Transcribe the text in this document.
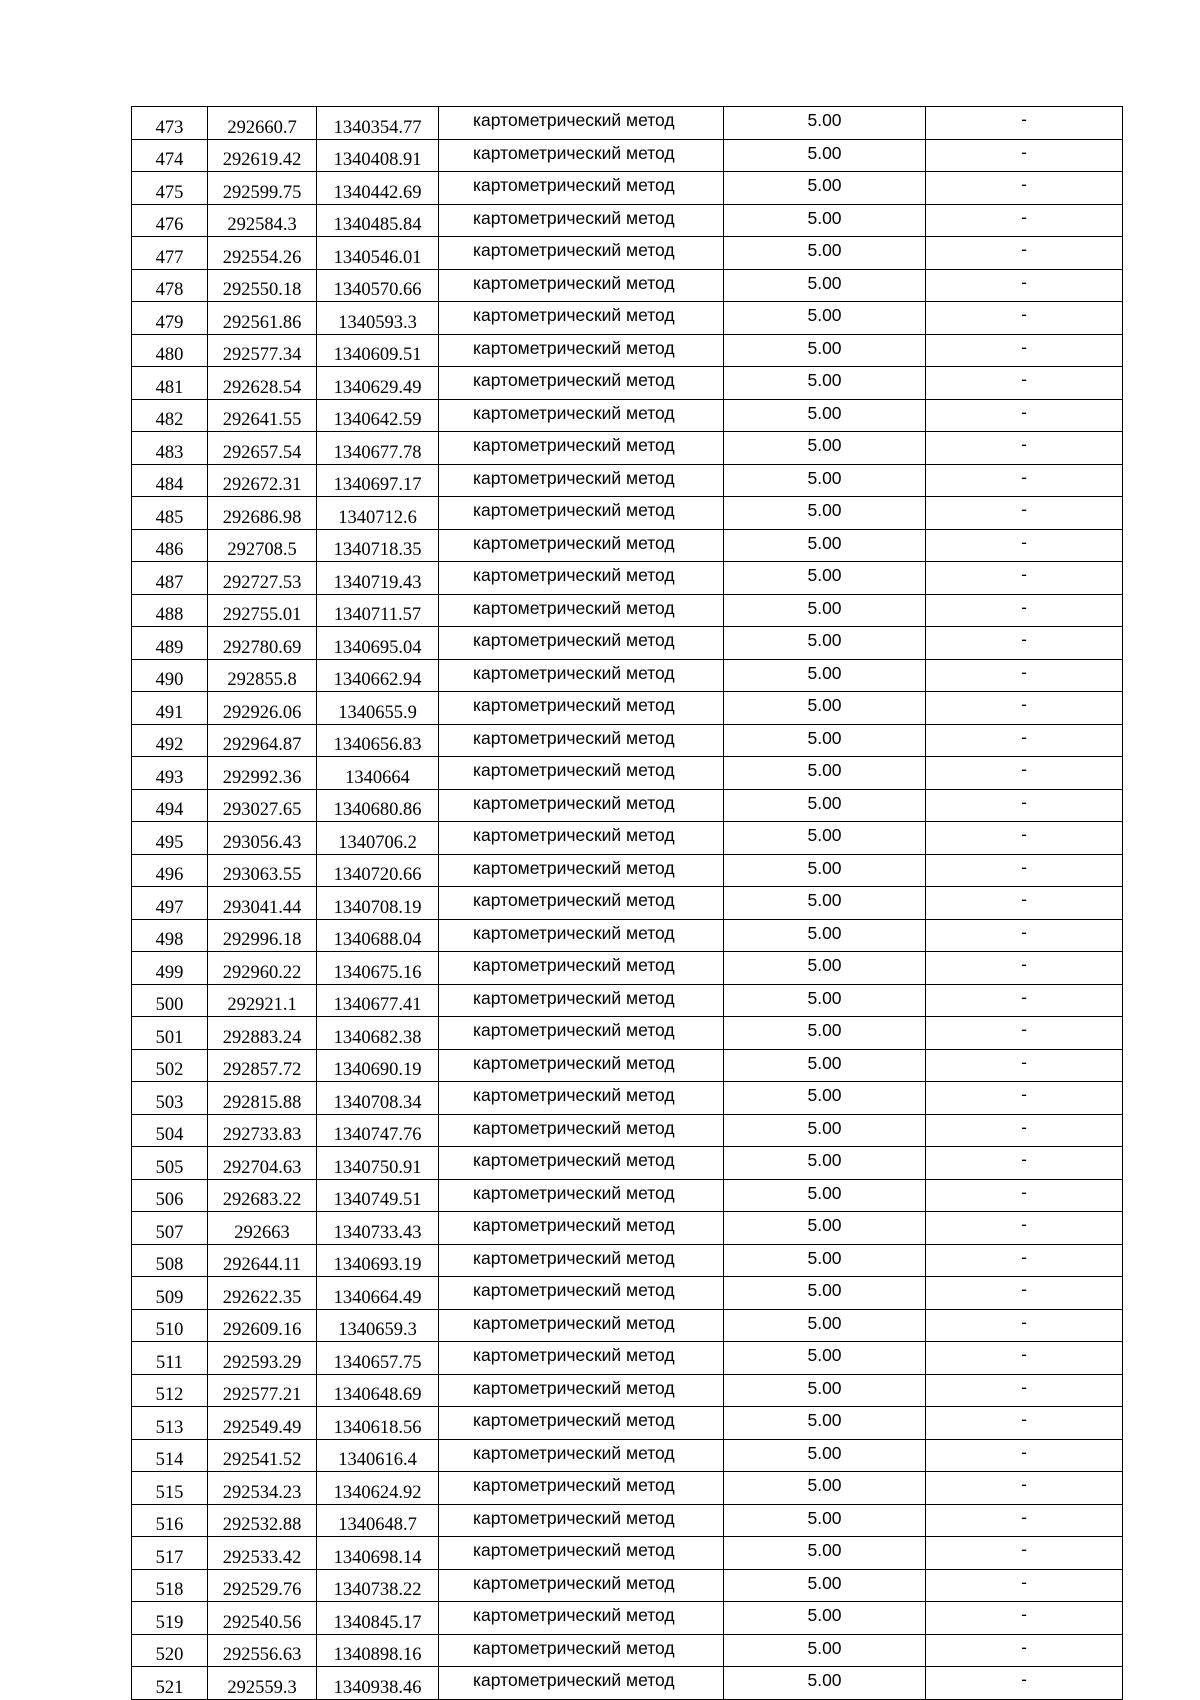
473	292660.7	1340354.77	картометрический метод	5.00	-
474	292619.42	1340408.91	картометрический метод	5.00	-
475	292599.75	1340442.69	картометрический метод	5.00	-
476	292584.3	1340485.84	картометрический метод	5.00	-
477	292554.26	1340546.01	картометрический метод	5.00	-
478	292550.18	1340570.66	картометрический метод	5.00	-
479	292561.86	1340593.3	картометрический метод	5.00	-
480	292577.34	1340609.51	картометрический метод	5.00	-
481	292628.54	1340629.49	картометрический метод	5.00	-
482	292641.55	1340642.59	картометрический метод	5.00	-
483	292657.54	1340677.78	картометрический метод	5.00	-
484	292672.31	1340697.17	картометрический метод	5.00	-
485	292686.98	1340712.6	картометрический метод	5.00	-
486	292708.5	1340718.35	картометрический метод	5.00	-
487	292727.53	1340719.43	картометрический метод	5.00	-
488	292755.01	1340711.57	картометрический метод	5.00	-
489	292780.69	1340695.04	картометрический метод	5.00	-
490	292855.8	1340662.94	картометрический метод	5.00	-
491	292926.06	1340655.9	картометрический метод	5.00	-
492	292964.87	1340656.83	картометрический метод	5.00	-
493	292992.36	1340664	картометрический метод	5.00	-
494	293027.65	1340680.86	картометрический метод	5.00	-
495	293056.43	1340706.2	картометрический метод	5.00	-
496	293063.55	1340720.66	картометрический метод	5.00	-
497	293041.44	1340708.19	картометрический метод	5.00	-
498	292996.18	1340688.04	картометрический метод	5.00	-
499	292960.22	1340675.16	картометрический метод	5.00	-
500	292921.1	1340677.41	картометрический метод	5.00	-
501	292883.24	1340682.38	картометрический метод	5.00	-
502	292857.72	1340690.19	картометрический метод	5.00	-
503	292815.88	1340708.34	картометрический метод	5.00	-
504	292733.83	1340747.76	картометрический метод	5.00	-
505	292704.63	1340750.91	картометрический метод	5.00	-
506	292683.22	1340749.51	картометрический метод	5.00	-
507	292663	1340733.43	картометрический метод	5.00	-
508	292644.11	1340693.19	картометрический метод	5.00	-
509	292622.35	1340664.49	картометрический метод	5.00	-
510	292609.16	1340659.3	картометрический метод	5.00	-
511	292593.29	1340657.75	картометрический метод	5.00	-
512	292577.21	1340648.69	картометрический метод	5.00	-
513	292549.49	1340618.56	картометрический метод	5.00	-
514	292541.52	1340616.4	картометрический метод	5.00	-
515	292534.23	1340624.92	картометрический метод	5.00	-
516	292532.88	1340648.7	картометрический метод	5.00	-
517	292533.42	1340698.14	картометрический метод	5.00	-
518	292529.76	1340738.22	картометрический метод	5.00	-
519	292540.56	1340845.17	картометрический метод	5.00	-
520	292556.63	1340898.16	картометрический метод	5.00	-
521	292559.3	1340938.46	картометрический метод	5.00	-
